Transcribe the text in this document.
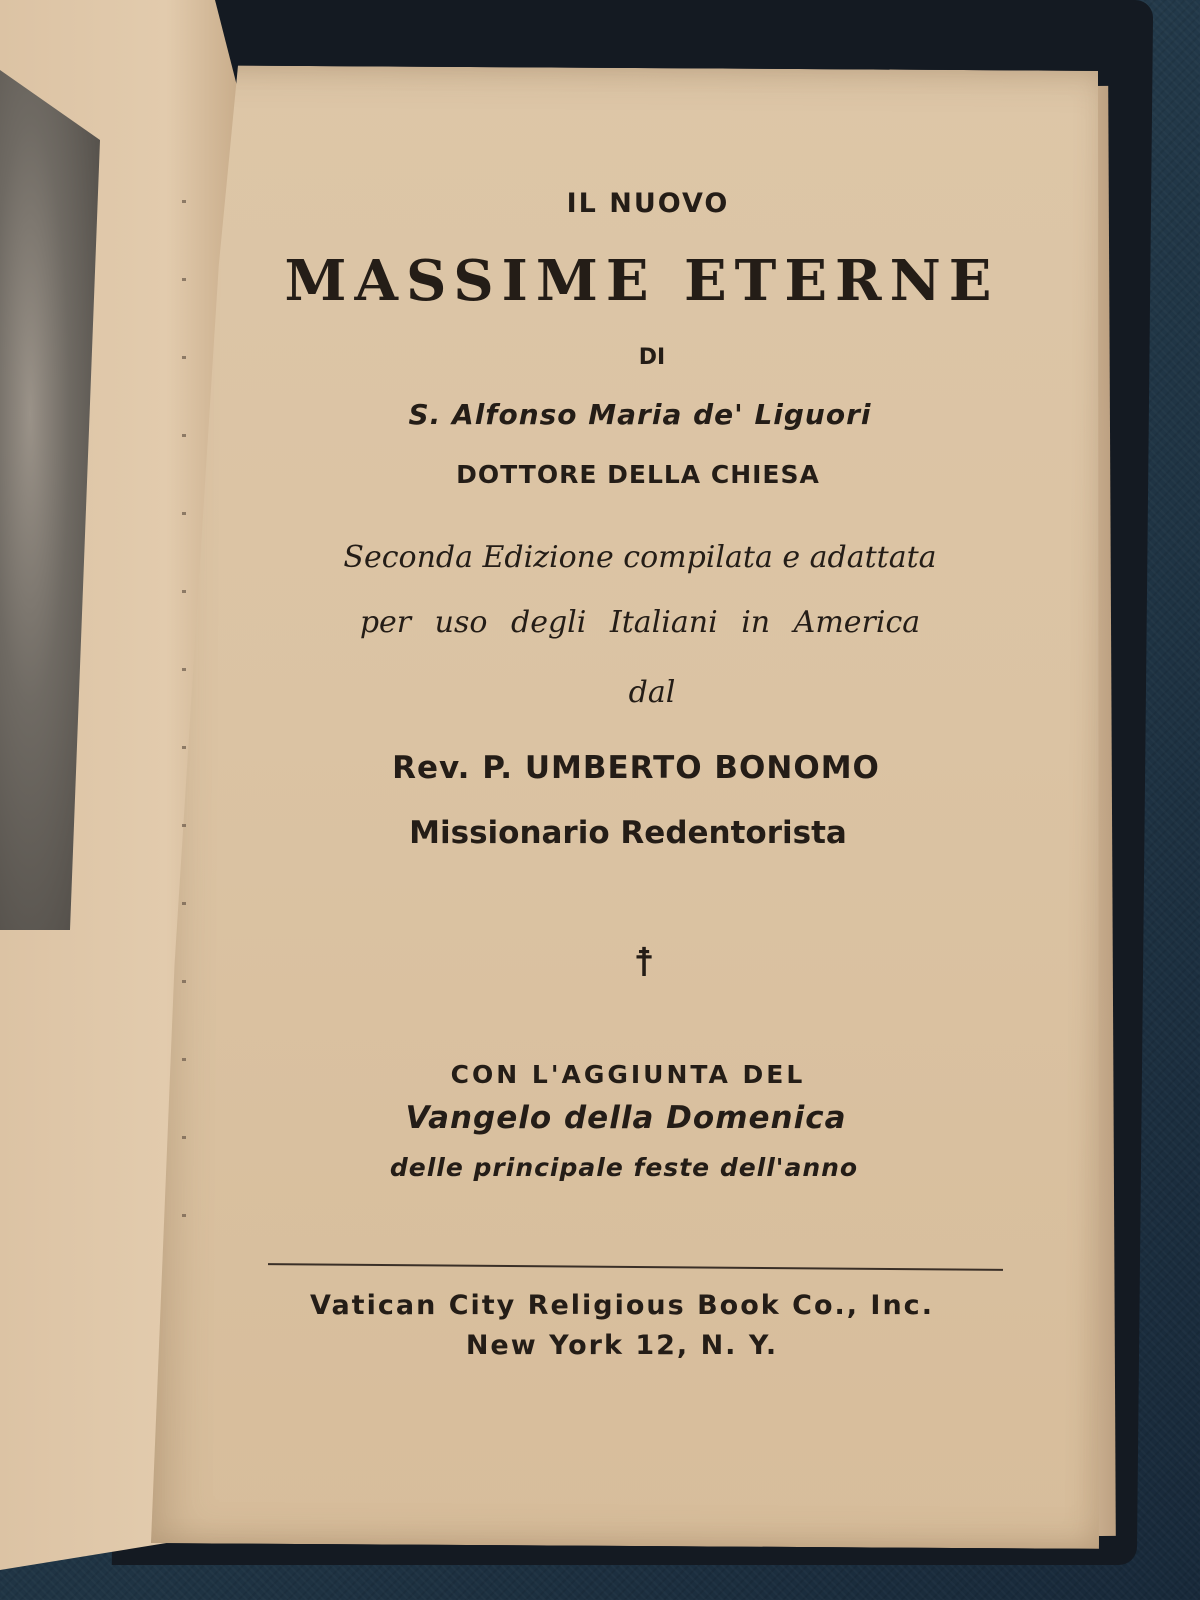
IL NUOVO
MASSIME ETERNE
DI
S. Alfonso Maria de' Liguori
DOTTORE DELLA CHIESA
Seconda Edizione compilata e adattata
per uso degli Italiani in America
dal
Rev. P. UMBERTO BONOMO
Missionario Redentorista
☨
CON L'AGGIUNTA DEL
Vangelo della Domenica
delle principale feste dell'anno
Vatican City Religious Book Co., Inc.
New York 12, N. Y.
